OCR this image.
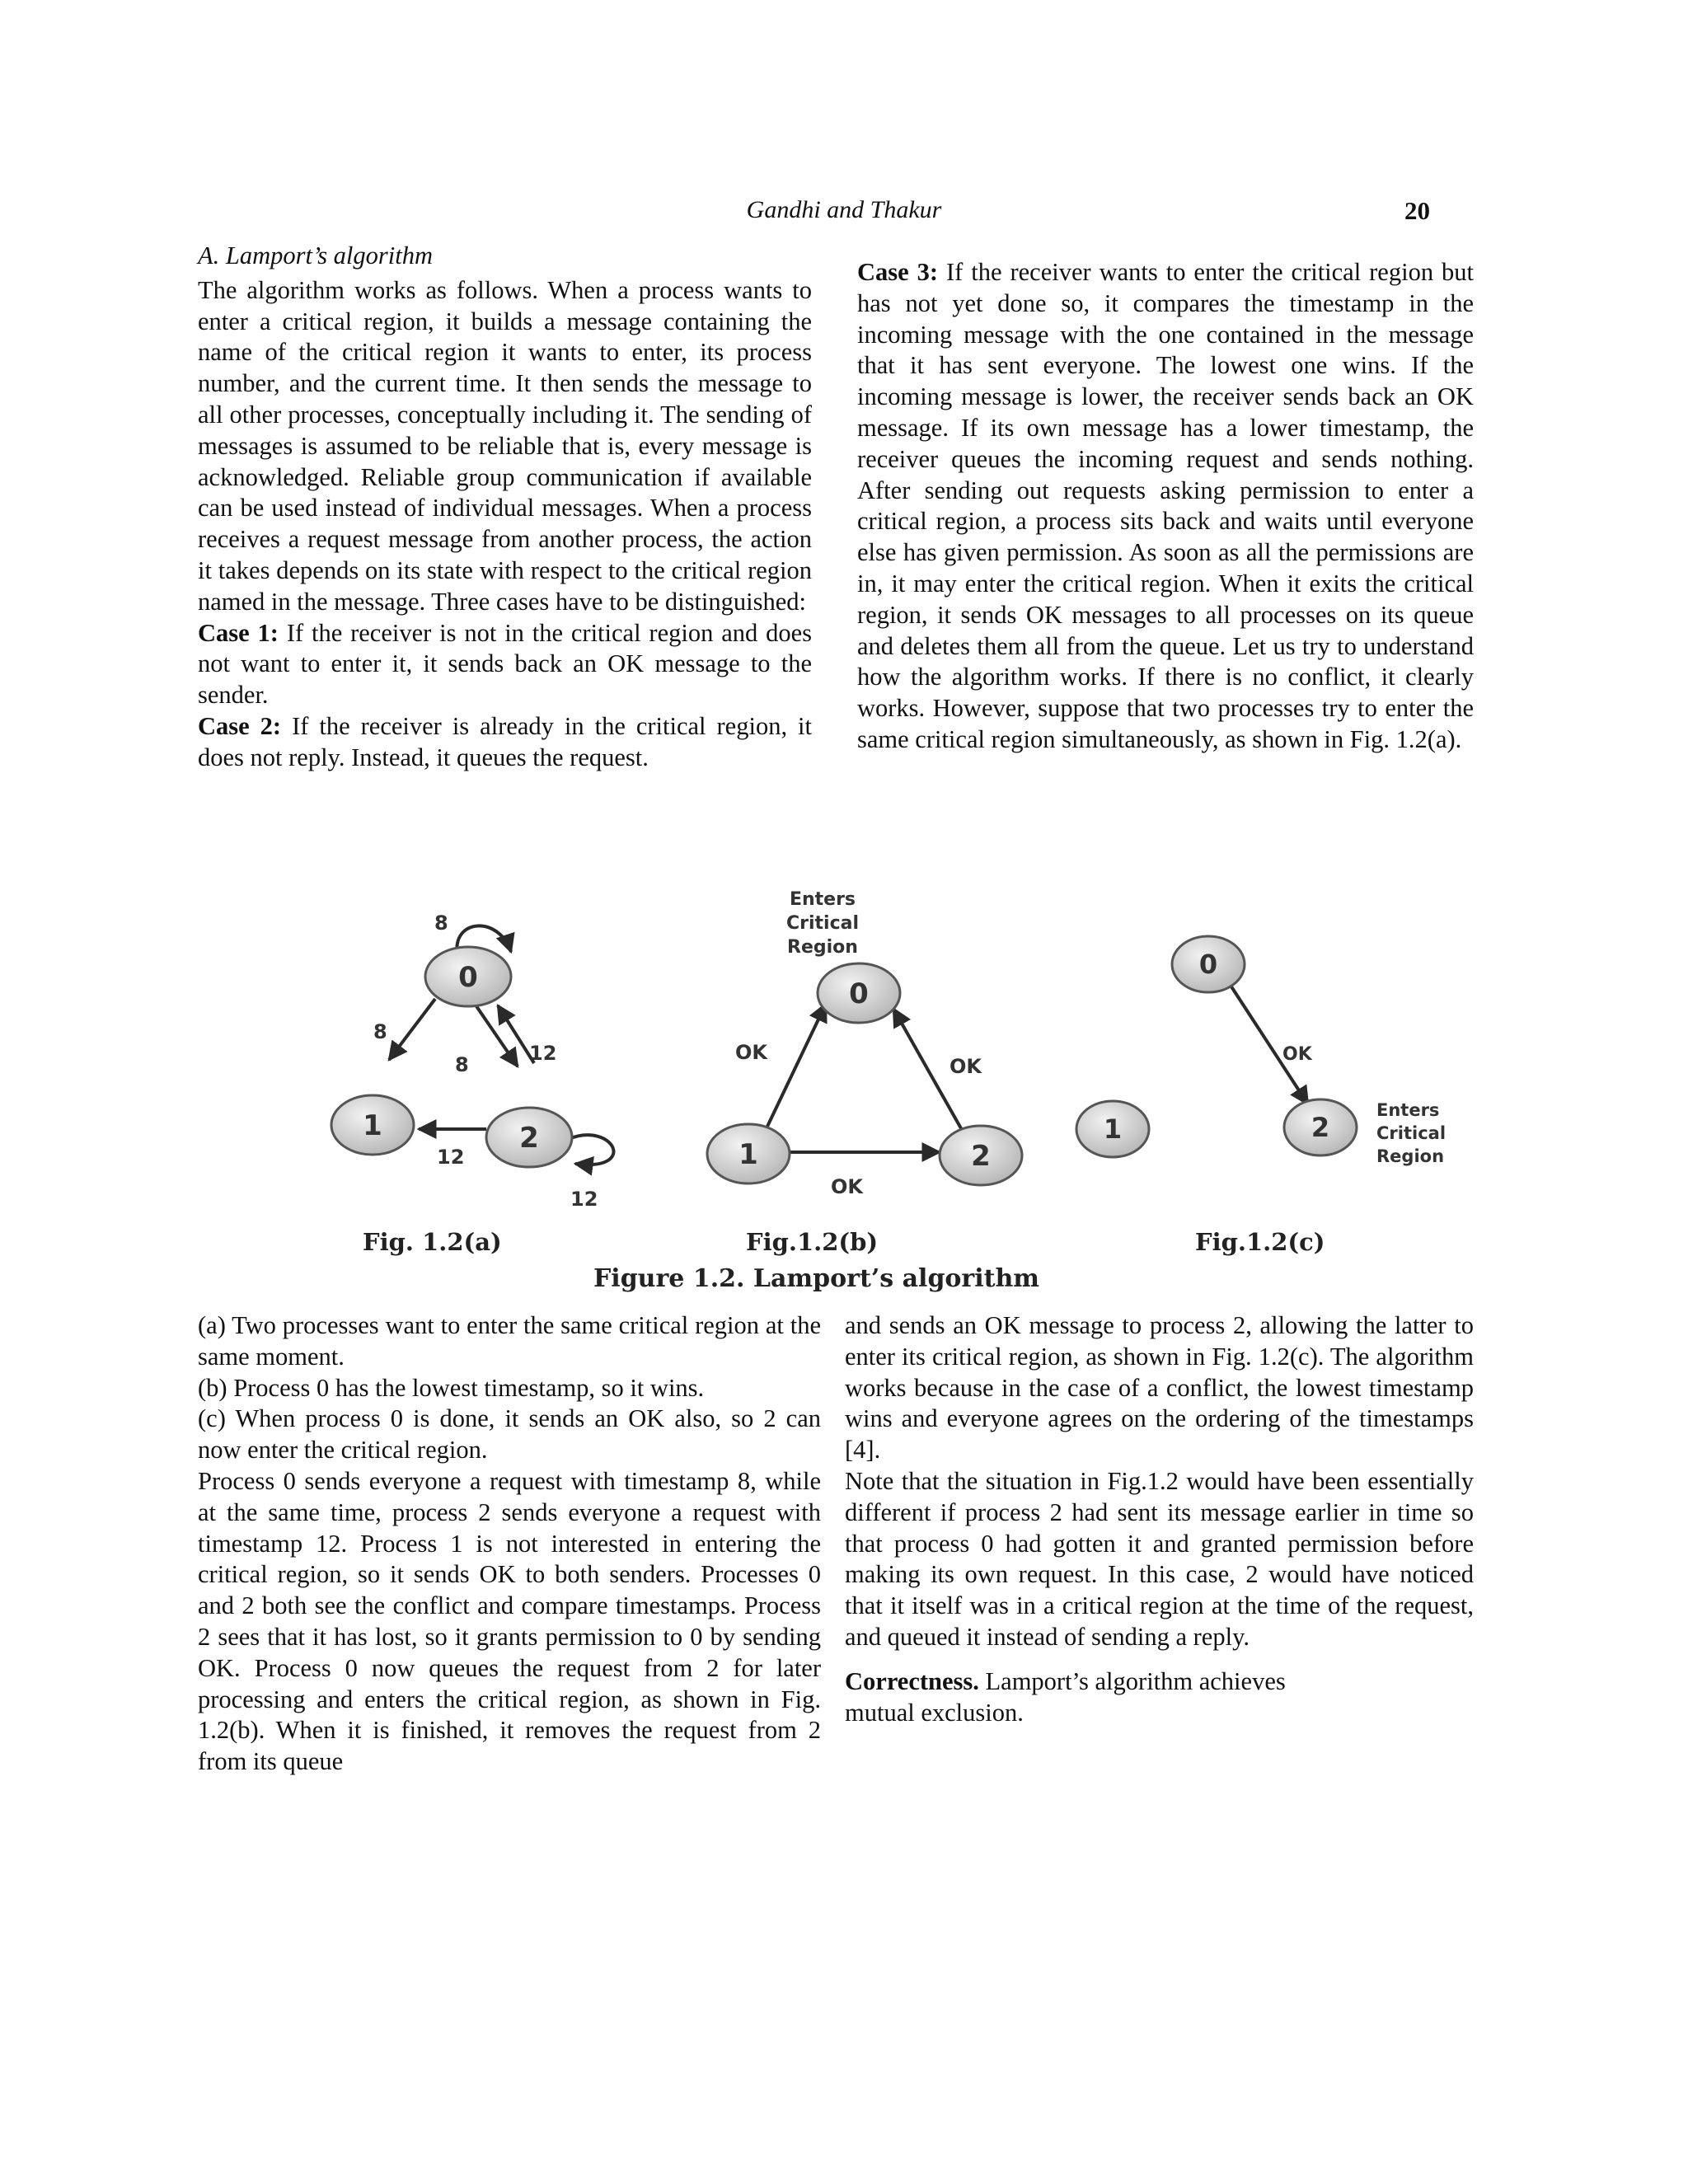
Gandhi and Thakur	20

A. Lamport’s algorithm

The algorithm works as follows. When a process wants to enter a critical region, it builds a message containing the name of the critical region it wants to enter, its process number, and the current time. It then sends the message to all other processes, conceptually including it. The sending of messages is assumed to be reliable that is, every message is acknowledged. Reliable group communication if available can be used instead of individual messages. When a process receives a request message from another process, the action it takes depends on its state with respect to the critical region named in the message. Three cases have to be distinguished:

Case 1: If the receiver is not in the critical region and does not want to enter it, it sends back an OK message to the sender.

Case 2: If the receiver is already in the critical region, it does not reply. Instead, it queues the request.

Case 3: If the receiver wants to enter the critical region but has not yet done so, it compares the timestamp in the incoming message with the one contained in the message that it has sent everyone. The lowest one wins. If the incoming message is lower, the receiver sends back an OK message. If its own message has a lower timestamp, the receiver queues the incoming request and sends nothing. After sending out requests asking permission to enter a critical region, a process sits back and waits until everyone else has given permission. As soon as all the permissions are in, it may enter the critical region. When it exits the critical region, it sends OK messages to all processes on its queue and deletes them all from the queue. Let us try to understand how the algorithm works. If there is no conflict, it clearly works. However, suppose that two processes try to enter the same critical region simultaneously, as shown in Fig. 1.2(a).

0
1	2
8
8
8	12
12
12
Enters
Critical
Region
0
1	2
OK
OK
OK
0
1	2
OK
Enters
Critical
Region
Fig. 1.2(a)	Fig.1.2(b)	Fig.1.2(c)
Figure 1.2. Lamport’s algorithm

(a) Two processes want to enter the same critical region at the same moment.

(b) Process 0 has the lowest timestamp, so it wins.

(c) When process 0 is done, it sends an OK also, so 2 can now enter the critical region.

Process 0 sends everyone a request with timestamp 8, while at the same time, process 2 sends everyone a request with timestamp 12. Process 1 is not interested in entering the critical region, so it sends OK to both senders. Processes 0 and 2 both see the conflict and compare timestamps. Process 2 sees that it has lost, so it grants permission to 0 by sending OK. Process 0 now queues the request from 2 for later processing and enters the critical region, as shown in Fig. 1.2(b). When it is finished, it removes the request from 2 from its queue

and sends an OK message to process 2, allowing the latter to enter its critical region, as shown in Fig. 1.2(c). The algorithm works because in the case of a conflict, the lowest timestamp wins and everyone agrees on the ordering of the timestamps [4].

Note that the situation in Fig.1.2 would have been essentially different if process 2 had sent its message earlier in time so that process 0 had gotten it and granted permission before making its own request. In this case, 2 would have noticed that it itself was in a critical region at the time of the request, and queued it instead of sending a reply.

Correctness. Lamport’s algorithm achieves mutual exclusion.
